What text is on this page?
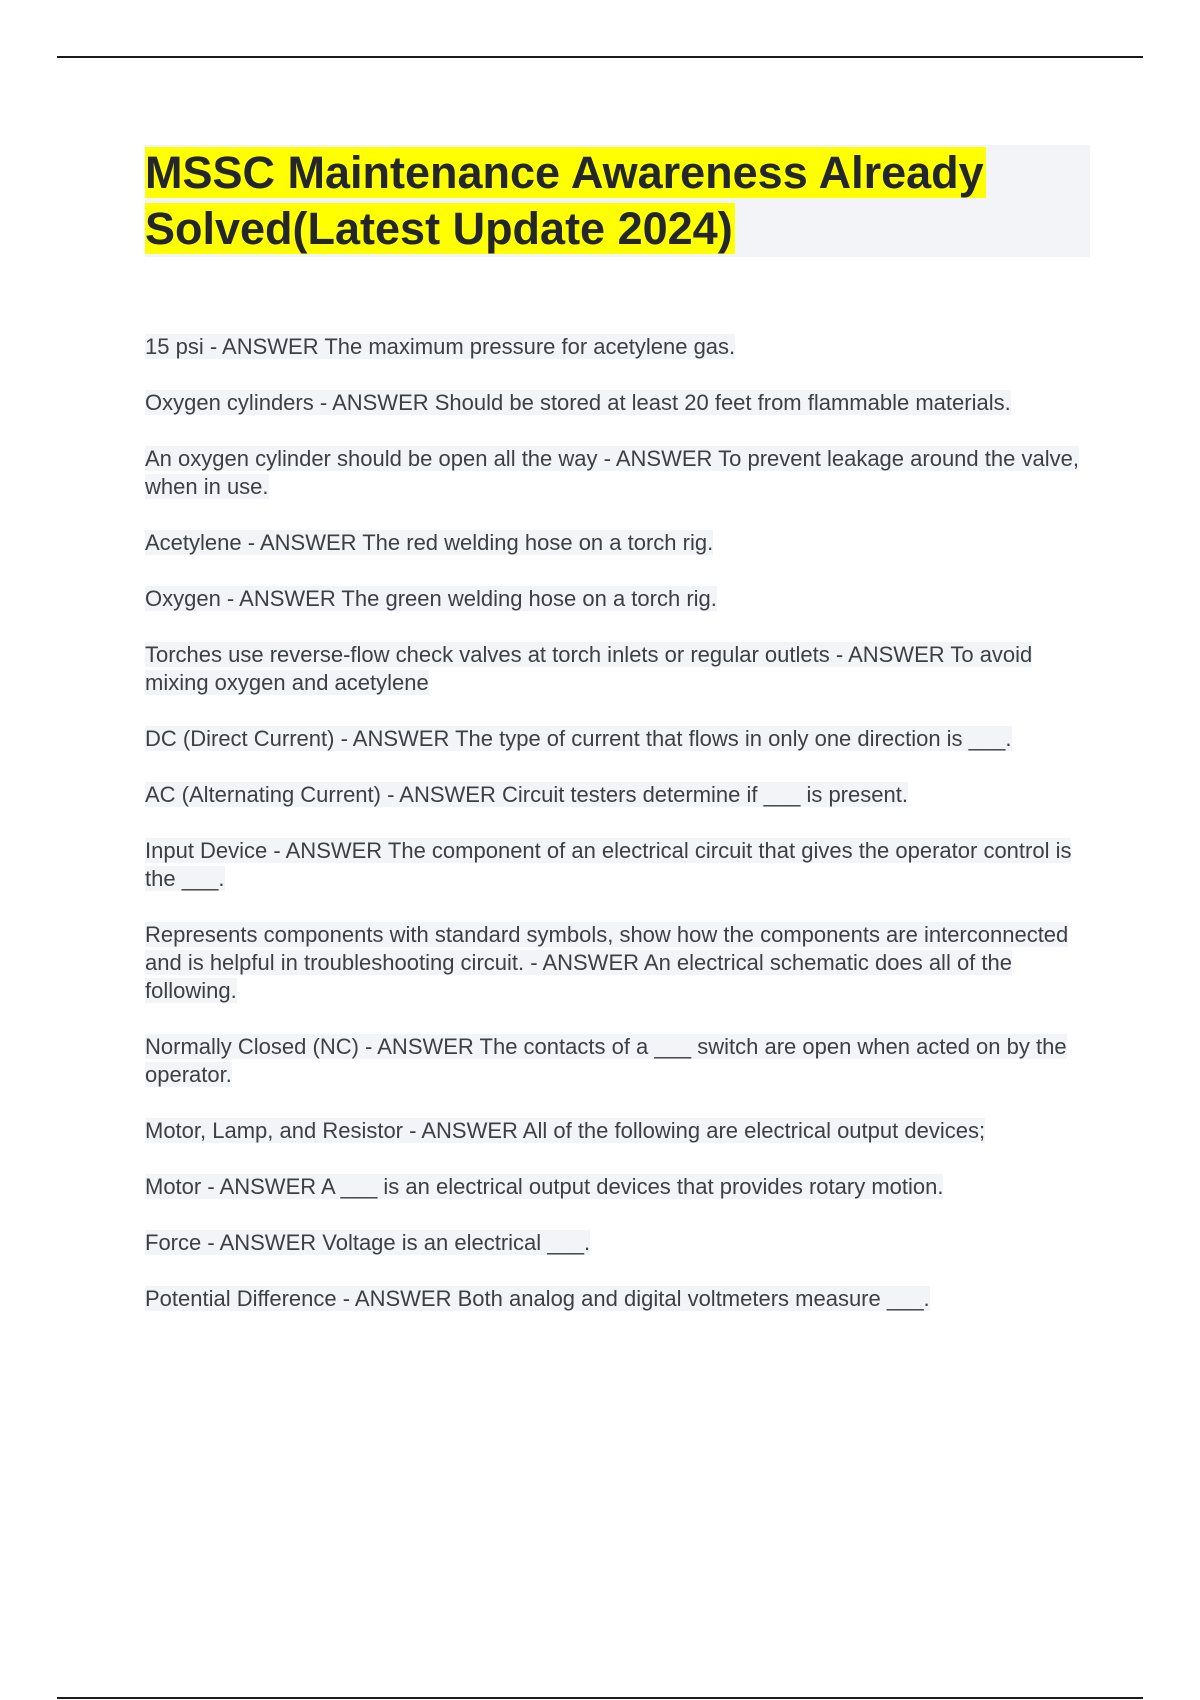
MSSC Maintenance Awareness Already Solved(Latest Update 2024)
15 psi - ANSWER The maximum pressure for acetylene gas.
Oxygen cylinders - ANSWER Should be stored at least 20 feet from flammable materials.
An oxygen cylinder should be open all the way - ANSWER To prevent leakage around the valve, when in use.
Acetylene - ANSWER The red welding hose on a torch rig.
Oxygen - ANSWER The green welding hose on a torch rig.
Torches use reverse-flow check valves at torch inlets or regular outlets - ANSWER To avoid mixing oxygen and acetylene
DC (Direct Current) - ANSWER The type of current that flows in only one direction is ___.
AC (Alternating Current) - ANSWER Circuit testers determine if ___ is present.
Input Device - ANSWER The component of an electrical circuit that gives the operator control is the ___.
Represents components with standard symbols, show how the components are interconnected and is helpful in troubleshooting circuit. - ANSWER An electrical schematic does all of the following.
Normally Closed (NC) - ANSWER The contacts of a ___ switch are open when acted on by the operator.
Motor, Lamp, and Resistor - ANSWER All of the following are electrical output devices;
Motor - ANSWER A ___ is an electrical output devices that provides rotary motion.
Force - ANSWER Voltage is an electrical ___.
Potential Difference - ANSWER Both analog and digital voltmeters measure ___.
